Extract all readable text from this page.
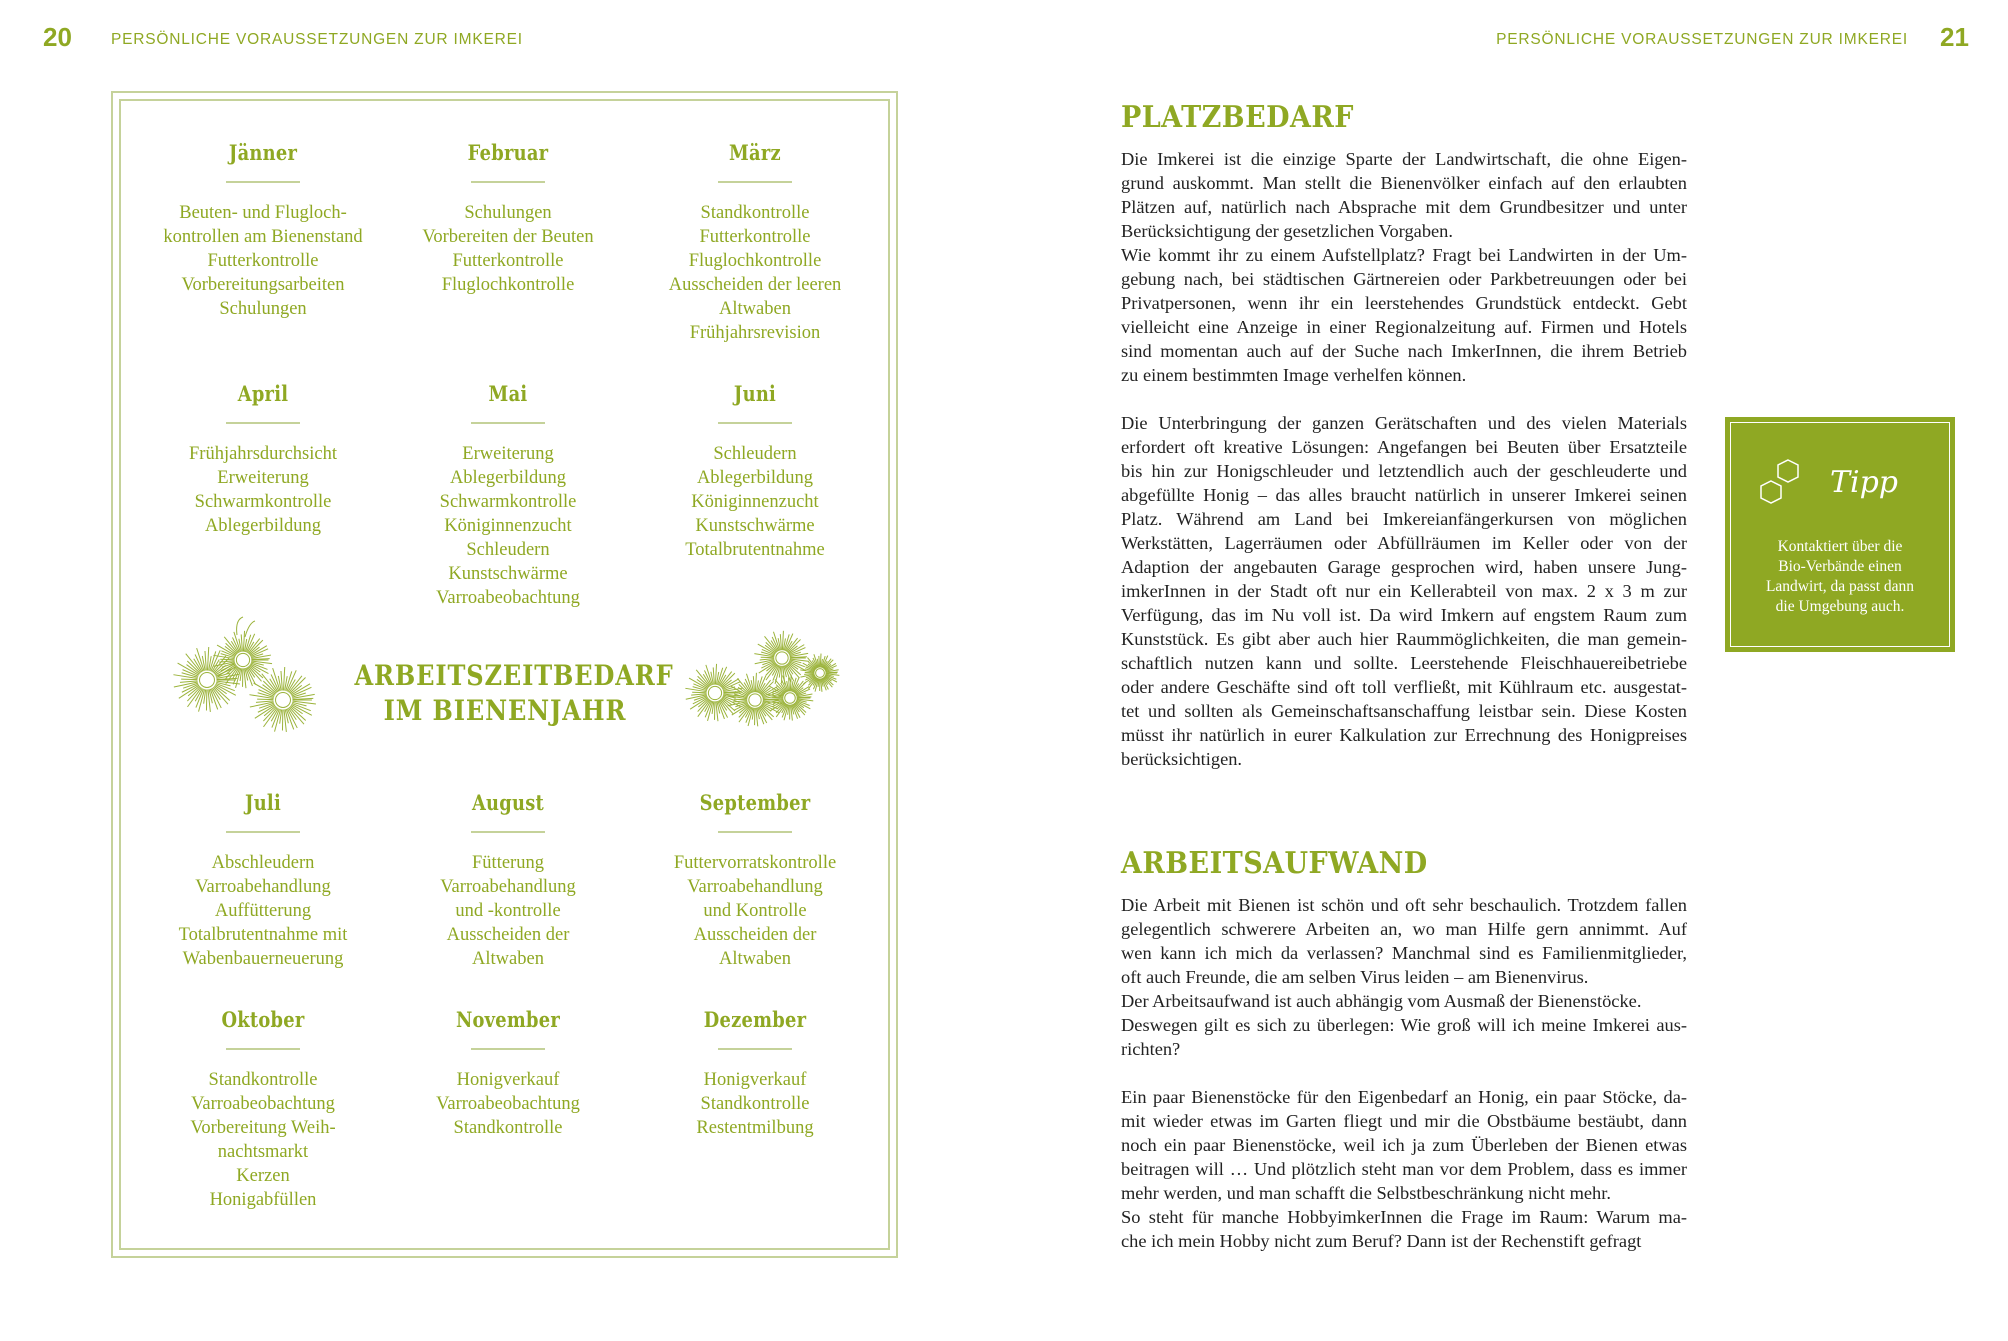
20	PERSÖNLICHE VORAUSSETZUNGEN ZUR IMKEREI
Jänner
Beuten- und Flugloch-
kontrollen am Bienenstand
Futterkontrolle
Vorbereitungsarbeiten
Schulungen
Februar
Schulungen
Vorbereiten der Beuten
Futterkontrolle
Fluglochkontrolle
März
Standkontrolle
Futterkontrolle
Fluglochkontrolle
Ausscheiden der leeren
Altwaben
Frühjahrsrevision
April
Frühjahrsdurchsicht
Erweiterung
Schwarmkontrolle
Ablegerbildung
Mai
Erweiterung
Ablegerbildung
Schwarmkontrolle
Königinnenzucht
Schleudern
Kunstschwärme
Varroabeobachtung
Juni
Schleudern
Ablegerbildung
Königinnenzucht
Kunstschwärme
Totalbrutentnahme
Juli
Abschleudern
Varroabehandlung
Auffütterung
Totalbrutentnahme mit
Wabenbauerneuerung
August
Fütterung
Varroabehandlung
und -kontrolle
Ausscheiden der
Altwaben
September
Futtervorratskontrolle
Varroabehandlung
und Kontrolle
Ausscheiden der
Altwaben
Oktober
Standkontrolle
Varroabeobachtung
Vorbereitung Weih-
nachtsmarkt
Kerzen
Honigabfüllen
November
Honigverkauf
Varroabeobachtung
Standkontrolle
Dezember
Honigverkauf
Standkontrolle
Restentmilbung
ARBEITSZEITBEDARF
IM BIENENJAHR
PERSÖNLICHE VORAUSSETZUNGEN ZUR IMKEREI 21
PLATZBEDARF
Die Imkerei ist die einzige Sparte der Landwirtschaft, die ohne Eigen-
grund auskommt. Man stellt die Bienenvölker einfach auf den erlaubten
Plätzen auf, natürlich nach Absprache mit dem Grundbesitzer und unter
Berücksichtigung der gesetzlichen Vorgaben.
Wie kommt ihr zu einem Aufstellplatz? Fragt bei Landwirten in der Um-
gebung nach, bei städtischen Gärtnereien oder Parkbetreuungen oder bei
Privatpersonen, wenn ihr ein leerstehendes Grundstück entdeckt. Gebt
vielleicht eine Anzeige in einer Regionalzeitung auf. Firmen und Hotels
sind momentan auch auf der Suche nach ImkerInnen, die ihrem Betrieb
zu einem bestimmten Image verhelfen können.
Die Unterbringung der ganzen Gerätschaften und des vielen Materials
erfordert oft kreative Lösungen: Angefangen bei Beuten über Ersatzteile
bis hin zur Honigschleuder und letztendlich auch der geschleuderte und
abgefüllte Honig – das alles braucht natürlich in unserer Imkerei seinen
Platz. Während am Land bei Imkereianfängerkursen von möglichen
Werkstätten, Lagerräumen oder Abfüllräumen im Keller oder von der
Adaption der angebauten Garage gesprochen wird, haben unsere Jung-
imkerInnen in der Stadt oft nur ein Kellerabteil von max. 2 x 3 m zur
Verfügung, das im Nu voll ist. Da wird Imkern auf engstem Raum zum
Kunststück. Es gibt aber auch hier Raummöglichkeiten, die man gemein-
schaftlich nutzen kann und sollte. Leerstehende Fleischhauereibetriebe
oder andere Geschäfte sind oft toll verfließt, mit Kühlraum etc. ausgestat-
tet und sollten als Gemeinschaftsanschaffung leistbar sein. Diese Kosten
müsst ihr natürlich in eurer Kalkulation zur Errechnung des Honigpreises
berücksichtigen.
ARBEITSAUFWAND
Die Arbeit mit Bienen ist schön und oft sehr beschaulich. Trotzdem fallen
gelegentlich schwerere Arbeiten an, wo man Hilfe gern annimmt. Auf
wen kann ich mich da verlassen? Manchmal sind es Familienmitglieder,
oft auch Freunde, die am selben Virus leiden – am Bienenvirus.
Der Arbeitsaufwand ist auch abhängig vom Ausmaß der Bienenstöcke.
Deswegen gilt es sich zu überlegen: Wie groß will ich meine Imkerei aus-
richten?
Ein paar Bienenstöcke für den Eigenbedarf an Honig, ein paar Stöcke, da-
mit wieder etwas im Garten fliegt und mir die Obstbäume bestäubt, dann
noch ein paar Bienenstöcke, weil ich ja zum Überleben der Bienen etwas
beitragen will … Und plötzlich steht man vor dem Problem, dass es immer
mehr werden, und man schafft die Selbstbeschränkung nicht mehr.
So steht für manche HobbyimkerInnen die Frage im Raum: Warum ma-
che ich mein Hobby nicht zum Beruf? Dann ist der Rechenstift gefragt
Tipp
Kontaktiert über die
Bio-Verbände einen
Landwirt, da passt dann
die Umgebung auch.
